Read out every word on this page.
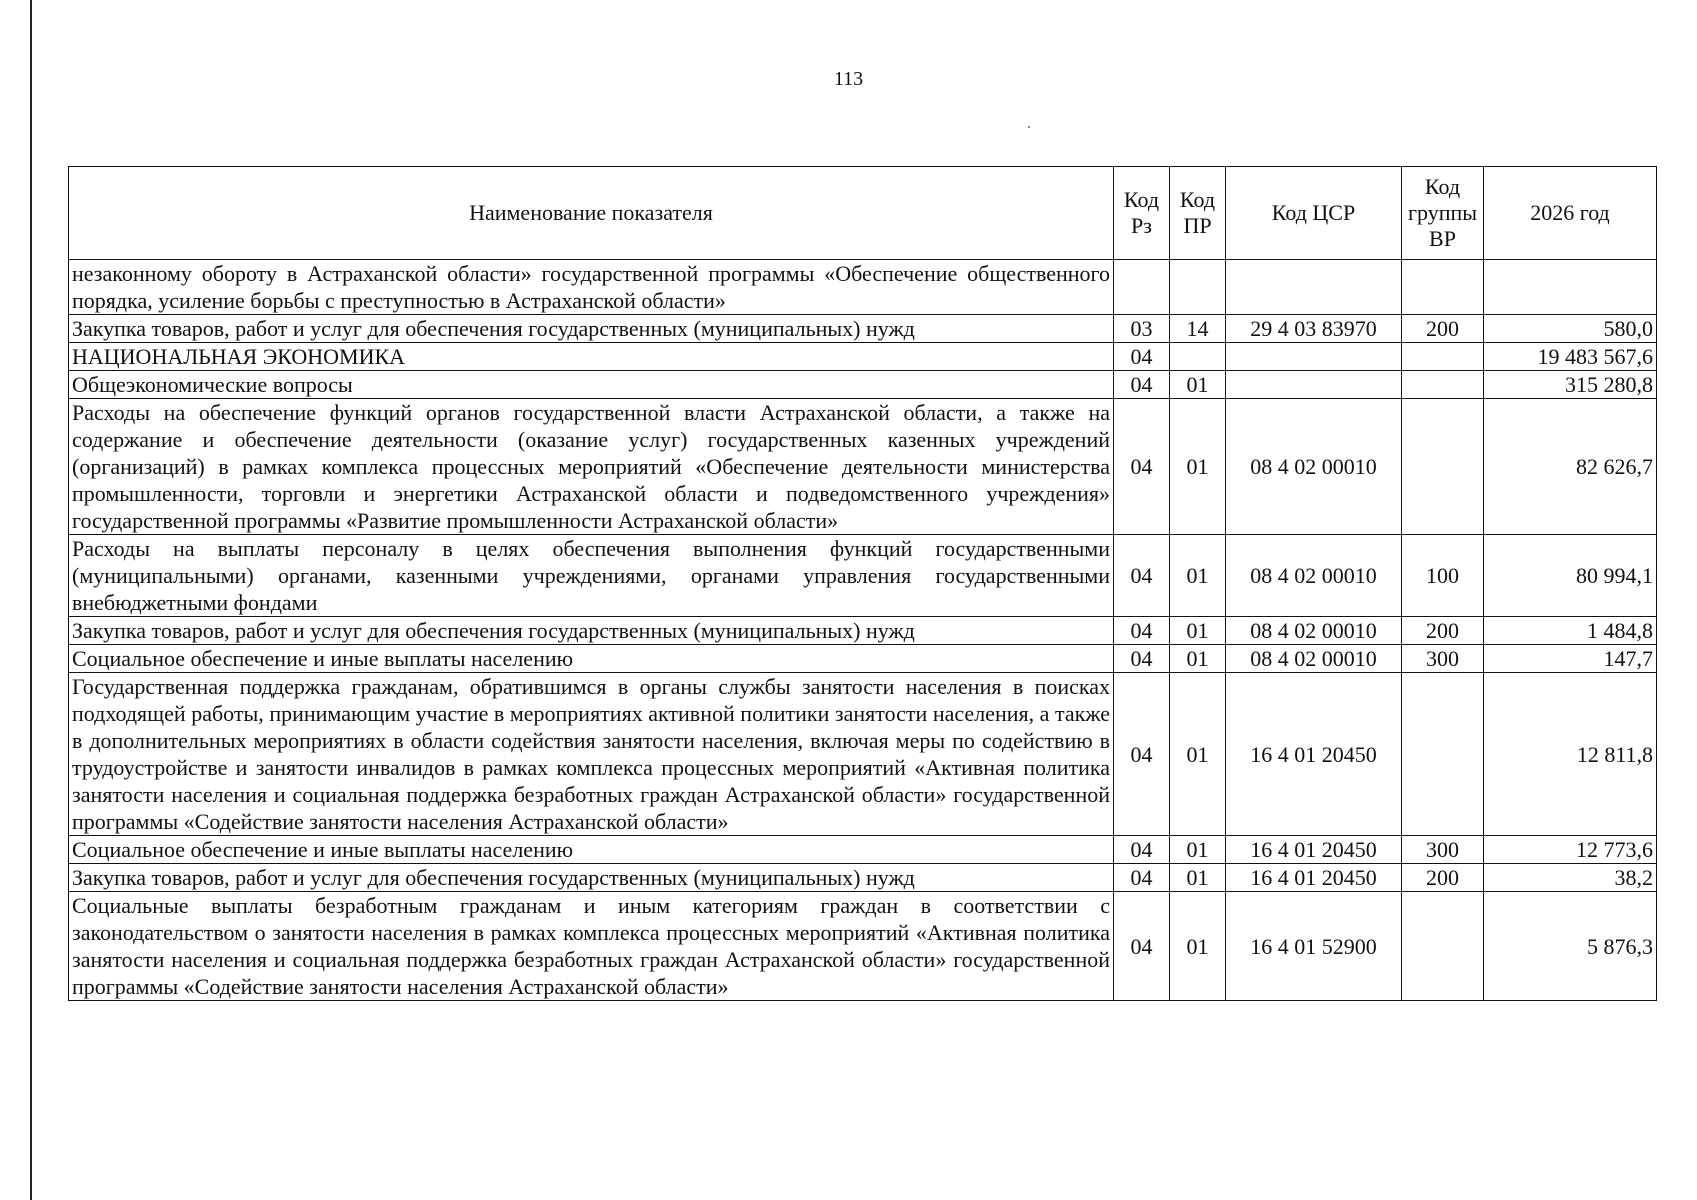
113
Наименование показателя	Код Рз	Код ПР	Код ЦСР	Код группы ВР	2026 год
незаконному обороту в Астраханской области» государственной программы «Обеспечение общественного порядка, усиление борьбы с преступностью в Астраханской области»					
Закупка товаров, работ и услуг для обеспечения государственных (муниципальных) нужд	03	14	29 4 03 83970	200	580,0
НАЦИОНАЛЬНАЯ ЭКОНОМИКА	04				19 483 567,6
Общеэкономические вопросы	04	01			315 280,8
Расходы на обеспечение функций органов государственной власти Астраханской области, а также на содержание и обеспечение деятельности (оказание услуг) государственных казенных учреждений (организаций) в рамках комплекса процессных мероприятий «Обеспечение деятельности министерства промышленности, торговли и энергетики Астраханской области и подведомственного учреждения» государственной программы «Развитие промышленности Астраханской области»	04	01	08 4 02 00010		82 626,7
Расходы на выплаты персоналу в целях обеспечения выполнения функций государственными (муниципальными) органами, казенными учреждениями, органами управления государственными внебюджетными фондами	04	01	08 4 02 00010	100	80 994,1
Закупка товаров, работ и услуг для обеспечения государственных (муниципальных) нужд	04	01	08 4 02 00010	200	1 484,8
Социальное обеспечение и иные выплаты населению	04	01	08 4 02 00010	300	147,7
Государственная поддержка гражданам, обратившимся в органы службы занятости населения в поисках подходящей работы, принимающим участие в мероприятиях активной политики занятости населения, а также в дополнительных мероприятиях в области содействия занятости населения, включая меры по содействию в трудоустройстве и занятости инвалидов в рамках комплекса процессных мероприятий «Активная политика занятости населения и социальная поддержка безработных граждан Астраханской области» государственной программы «Содействие занятости населения Астраханской области»	04	01	16 4 01 20450		12 811,8
Социальное обеспечение и иные выплаты населению	04	01	16 4 01 20450	300	12 773,6
Закупка товаров, работ и услуг для обеспечения государственных (муниципальных) нужд	04	01	16 4 01 20450	200	38,2
Социальные выплаты безработным гражданам и иным категориям граждан в соответствии с законодательством о занятости населения в рамках комплекса процессных мероприятий «Активная политика занятости населения и социальная поддержка безработных граждан Астраханской области» государственной программы «Содействие занятости населения Астраханской области»	04	01	16 4 01 52900		5 876,3
